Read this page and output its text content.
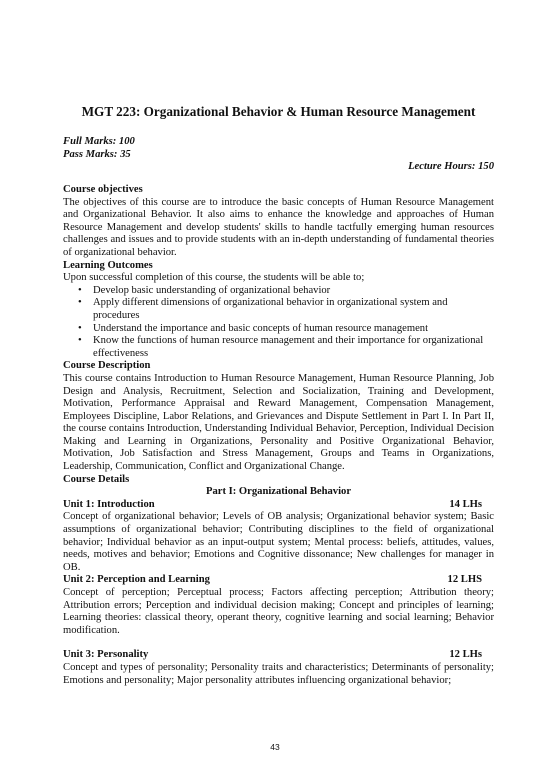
MGT 223: Organizational Behavior & Human Resource Management
Full Marks: 100
Pass Marks: 35
Lecture Hours: 150
Course objectives
The objectives of this course are to introduce the basic concepts of Human Resource Management and Organizational Behavior. It also aims to enhance the knowledge and approaches of Human Resource Management and develop students' skills to handle tactfully emerging human resources challenges and issues and to provide students with an in-depth understanding of fundamental theories of organizational behavior.
Learning Outcomes
Upon successful completion of this course, the students will be able to;
• Develop basic understanding of organizational behavior
• Apply different dimensions of organizational behavior in organizational system and procedures
• Understand the importance and basic concepts of human resource management
• Know the functions of human resource management and their importance for organizational effectiveness
Course Description
This course contains Introduction to Human Resource Management, Human Resource Planning, Job Design and Analysis, Recruitment, Selection and Socialization, Training and Development, Motivation, Performance Appraisal and Reward Management, Compensation Management, Employees Discipline, Labor Relations, and Grievances and Dispute Settlement in Part I. In Part II, the course contains Introduction, Understanding Individual Behavior, Perception, Individual Decision Making and Learning in Organizations, Personality and Positive Organizational Behavior, Motivation, Job Satisfaction and Stress Management, Groups and Teams in Organizations, Leadership, Communication, Conflict and Organizational Change.
Course Details
Part I: Organizational Behavior
Unit 1: Introduction	14 LHs
Concept of organizational behavior; Levels of OB analysis; Organizational behavior system; Basic assumptions of organizational behavior; Contributing disciplines to the field of organizational behavior; Individual behavior as an input-output system; Mental process: beliefs, attitudes, values, needs, motives and behavior; Emotions and Cognitive dissonance; New challenges for manager in OB.
Unit 2: Perception and Learning	12 LHS
Concept of perception; Perceptual process; Factors affecting perception; Attribution theory; Attribution errors; Perception and individual decision making; Concept and principles of learning; Learning theories: classical theory, operant theory, cognitive learning and social learning; Behavior modification.
Unit 3: Personality	12 LHs
Concept and types of personality; Personality traits and characteristics; Determinants of personality; Emotions and personality; Major personality attributes influencing organizational behavior;
43
